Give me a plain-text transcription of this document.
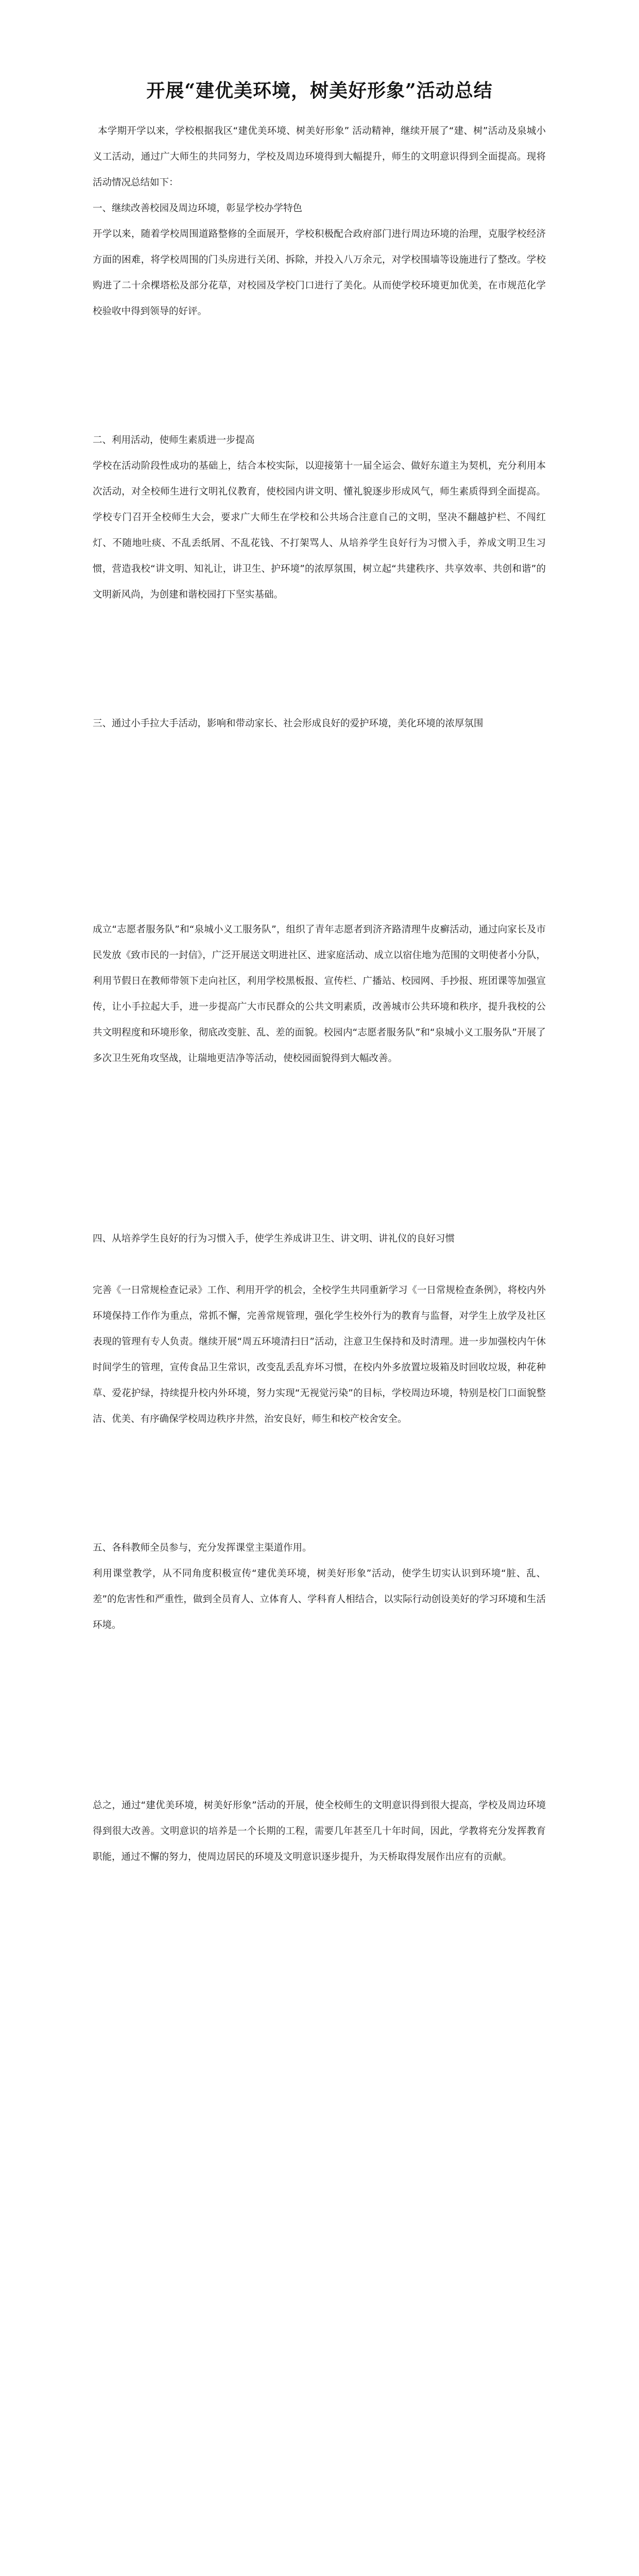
开展“建优美环境，树美好形象”活动总结

本学期开学以来，学校根据我区“建优美环境、树美好形象” 活动精神，继续开展了“建、树”活动及泉城小义工活动，通过广大师生的共同努力，学校及周边环境得到大幅提升，师生的文明意识得到全面提高。现将活动情况总结如下：

一、继续改善校园及周边环境，彰显学校办学特色

开学以来，随着学校周围道路整修的全面展开，学校积极配合政府部门进行周边环境的治理，克服学校经济方面的困难，将学校周围的门头房进行关闭、拆除，并投入八万余元，对学校围墙等设施进行了整改。学校购进了二十余棵塔松及部分花草，对校园及学校门口进行了美化。从而使学校环境更加优美，在市规范化学校验收中得到领导的好评。

二、利用活动，使师生素质进一步提高

学校在活动阶段性成功的基础上，结合本校实际，以迎接第十一届全运会、做好东道主为契机，充分利用本次活动，对全校师生进行文明礼仪教育，使校园内讲文明、懂礼貌逐步形成风气，师生素质得到全面提高。学校专门召开全校师生大会，要求广大师生在学校和公共场合注意自己的文明，坚决不翻越护栏、不闯红灯、不随地吐痰、不乱丢纸屑、不乱花钱、不打架骂人、从培养学生良好行为习惯入手，养成文明卫生习惯，营造我校“讲文明、知礼让，讲卫生、护环境”的浓厚氛围，树立起“共建秩序、共享效率、共创和谐”的文明新风尚，为创建和谐校园打下坚实基础。

三、通过小手拉大手活动，影响和带动家长、社会形成良好的爱护环境，美化环境的浓厚氛围

成立“志愿者服务队”和“泉城小义工服务队”，组织了青年志愿者到济齐路清理牛皮癣活动，通过向家长及市民发放《致市民的一封信》，广泛开展送文明进社区、进家庭活动、成立以宿住地为范围的文明使者小分队，利用节假日在教师带领下走向社区，利用学校黑板报、宣传栏、广播站、校园网、手抄报、班团课等加强宣传，让小手拉起大手，进一步提高广大市民群众的公共文明素质，改善城市公共环境和秩序，提升我校的公共文明程度和环境形象，彻底改变脏、乱、差的面貌。校园内“志愿者服务队”和“泉城小义工服务队”开展了多次卫生死角攻坚战，让瑞地更洁净等活动，使校园面貌得到大幅改善。

四、从培养学生良好的行为习惯入手，使学生养成讲卫生、讲文明、讲礼仪的良好习惯

完善《一日常规检查记录》工作、利用开学的机会，全校学生共同重新学习《一日常规检查条例》，将校内外环境保持工作作为重点，常抓不懈，完善常规管理，强化学生校外行为的教育与监督，对学生上放学及社区表现的管理有专人负责。继续开展“周五环境清扫日”活动，注意卫生保持和及时清理。进一步加强校内午休时间学生的管理，宣传食品卫生常识，改变乱丢乱弃坏习惯，在校内外多放置垃圾箱及时回收垃圾，种花种草、爱花护绿，持续提升校内外环境，努力实现“无视觉污染”的目标，学校周边环境，特别是校门口面貌整洁、优美、有序确保学校周边秩序井然，治安良好，师生和校产校舍安全。

五、各科教师全员参与，充分发挥课堂主渠道作用。

利用课堂教学，从不同角度积极宣传“建优美环境，树美好形象”活动，使学生切实认识到环境“脏、乱、差”的危害性和严重性，做到全员育人、立体育人、学科育人相结合，以实际行动创设美好的学习环境和生活环境。

总之，通过“建优美环境，树美好形象”活动的开展，使全校师生的文明意识得到很大提高，学校及周边环境得到很大改善。文明意识的培养是一个长期的工程，需要几年甚至几十年时间，因此，学教将充分发挥教育职能，通过不懈的努力，使周边居民的环境及文明意识逐步提升，为天桥取得发展作出应有的贡献。
